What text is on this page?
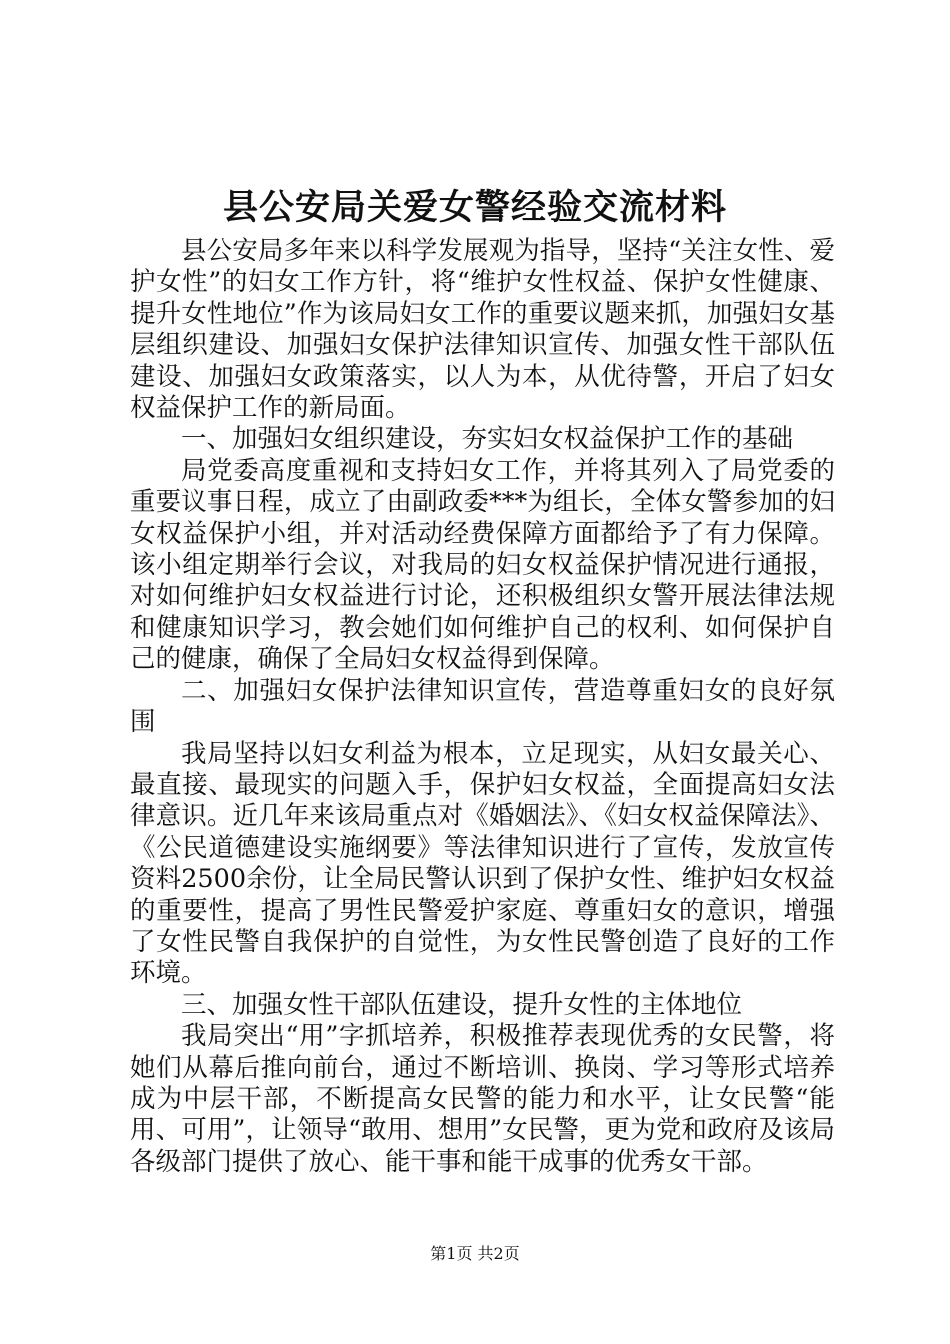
县公安局关爱女警经验交流材料

县公安局多年来以科学发展观为指导，坚持“关注女性、爱护女性”的妇女工作方针，将“维护女性权益、保护女性健康、提升女性地位”作为该局妇女工作的重要议题来抓，加强妇女基层组织建设、加强妇女保护法律知识宣传、加强女性干部队伍建设、加强妇女政策落实，以人为本，从优待警，开启了妇女权益保护工作的新局面。

一、加强妇女组织建设，夯实妇女权益保护工作的基础

局党委高度重视和支持妇女工作，并将其列入了局党委的重要议事日程，成立了由副政委***为组长，全体女警参加的妇女权益保护小组，并对活动经费保障方面都给予了有力保障。该小组定期举行会议，对我局的妇女权益保护情况进行通报，对如何维护妇女权益进行讨论，还积极组织女警开展法律法规和健康知识学习，教会她们如何维护自己的权利、如何保护自己的健康，确保了全局妇女权益得到保障。

二、加强妇女保护法律知识宣传，营造尊重妇女的良好氛围

我局坚持以妇女利益为根本，立足现实，从妇女最关心、最直接、最现实的问题入手，保护妇女权益，全面提高妇女法律意识。近几年来该局重点对《婚姻法》、《妇女权益保障法》、《公民道德建设实施纲要》等法律知识进行了宣传，发放宣传资料2500余份，让全局民警认识到了保护女性、维护妇女权益的重要性，提高了男性民警爱护家庭、尊重妇女的意识，增强了女性民警自我保护的自觉性，为女性民警创造了良好的工作环境。

三、加强女性干部队伍建设，提升女性的主体地位

我局突出“用”字抓培养，积极推荐表现优秀的女民警，将她们从幕后推向前台，通过不断培训、换岗、学习等形式培养成为中层干部，不断提高女民警的能力和水平，让女民警“能用、可用”，让领导“敢用、想用”女民警，更为党和政府及该局各级部门提供了放心、能干事和能干成事的优秀女干部。

第1页 共2页
